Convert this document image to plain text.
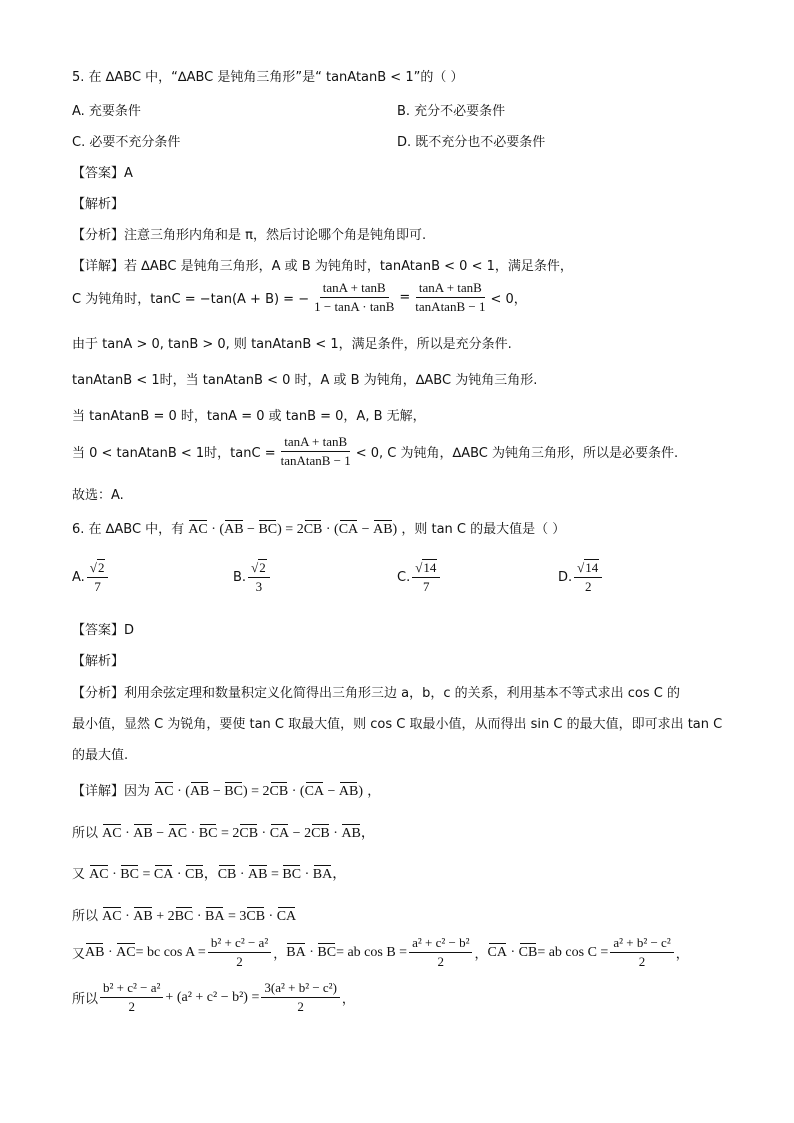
5. 在 ∆ABC 中，“∆ABC 是钝角三角形”是“ tanAtanB < 1”的（ ）
A. 充要条件	B. 充分不必要条件
C. 必要不充分条件	D. 既不充分也不必要条件
【答案】A
【解析】
【分析】注意三角形内角和是 π，然后讨论哪个角是钝角即可.
【详解】若 ∆ABC 是钝角三角形，A 或 B 为钝角时，tanAtanB < 0 < 1，满足条件，
C 为钝角时，tanC = −tan(A + B) = − $\frac{\tan A + \tan B}{1 - \tan A \cdot \tan B} = \frac{\tan A + \tan B}{\text{tanAtanB − 1}} < 0$，
由于 tanA > 0, tanB > 0, 则 tanAtanB < 1，满足条件，所以是充分条件.
tanAtanB < 1时，当 tanAtanB < 0 时，A 或 B 为钝角，∆ABC 为钝角三角形.
当 tanAtanB = 0 时，tanA = 0 或 tanB = 0，A, B 无解，
当 0 < tanAtanB < 1时，$\tan C = \frac{\tan A + \tan B}{\text{tanAtanB − 1}} < 0$, C 为钝角，∆ABC 为钝角三角形，所以是必要条件.
故选：A.
6. 在 ∆ABC 中，有 AC · (AB − BC) = 2CB · (CA − AB) ，则 tan C 的最大值是（ ）
A. $\frac{√2}{7}$	B. $\frac{√2}{3}$	C. $\frac{√14}{7}$	D. $\frac{√14}{2}$
【答案】D
【解析】
【分析】利用余弦定理和数量积定义化简得出三角形三边 a，b，c 的关系，利用基本不等式求出 cos C 的
最小值，显然 C 为锐角，要使 tan C 取最大值，则 cos C 取最小值，从而得出 sin C 的最大值，即可求出 tan C
的最大值.
【详解】因为 AC · (AB − BC) = 2CB · (CA − AB) ，
所以 AC · AB − AC · BC = 2CB · CA − 2CB · AB，
又 AC · BC = CA · CB，CB · AB = BC · BA，
所以 AC · AB + 2BC · BA = 3CB · CA
又 AB · AC = bc $\cos A = \frac{\text{b² + c² − a²}}{2}$ ， BA · BC = ab $\cos B = \frac{\text{a² + c² − b²}}{2}$ ， CA · CB = ab $\cos C = \frac{\text{a² + b² − c²}}{2}$ ，
所以 $\frac{\text{b² + c² − a²}}{2} + (a^2 + c^2 - b^2) = \frac{\text{3(a² + b² − c²)}}{2}$ ，
